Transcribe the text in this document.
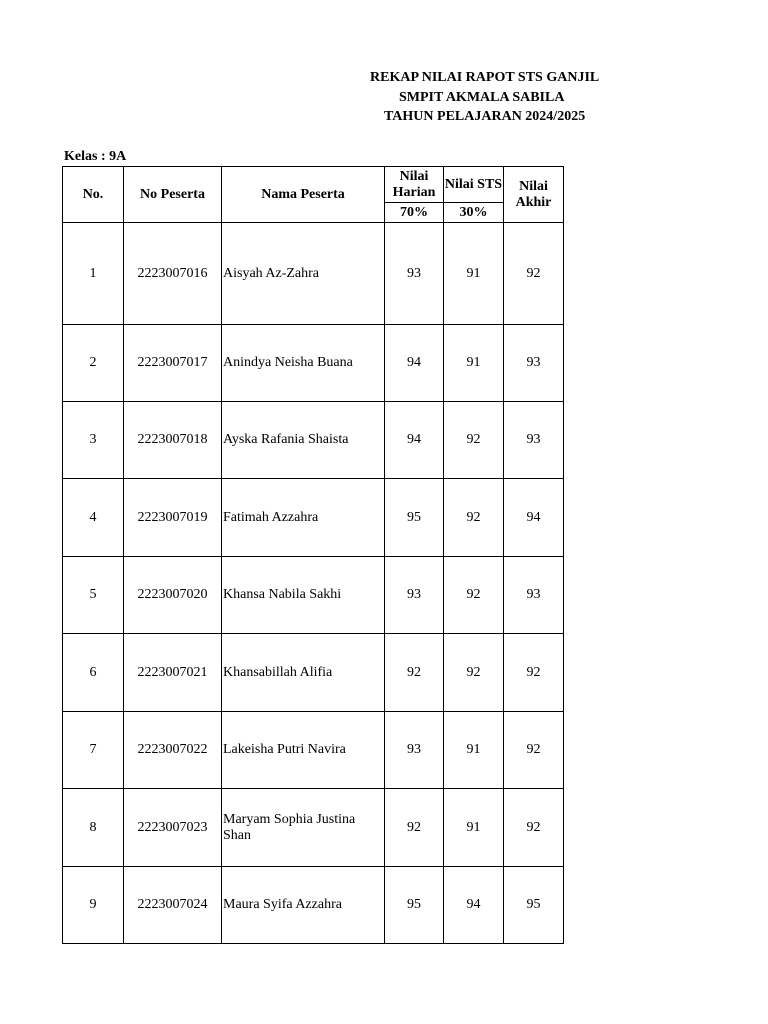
REKAP NILAI RAPOT STS GANJIL
SMPIT AKMALA SABILA
TAHUN PELAJARAN 2024/2025
Kelas : 9A
No.	No Peserta	Nama Peserta	Nilai Harian	Nilai STS	Nilai Akhir
			70%	30%	
1	2223007016	Aisyah Az-Zahra	93	91	92
2	2223007017	Anindya Neisha Buana	94	91	93
3	2223007018	Ayska Rafania Shaista	94	92	93
4	2223007019	Fatimah Azzahra	95	92	94
5	2223007020	Khansa Nabila Sakhi	93	92	93
6	2223007021	Khansabillah Alifia	92	92	92
7	2223007022	Lakeisha Putri Navira	93	91	92
8	2223007023	Maryam Sophia Justina Shan	92	91	92
9	2223007024	Maura Syifa Azzahra	95	94	95
